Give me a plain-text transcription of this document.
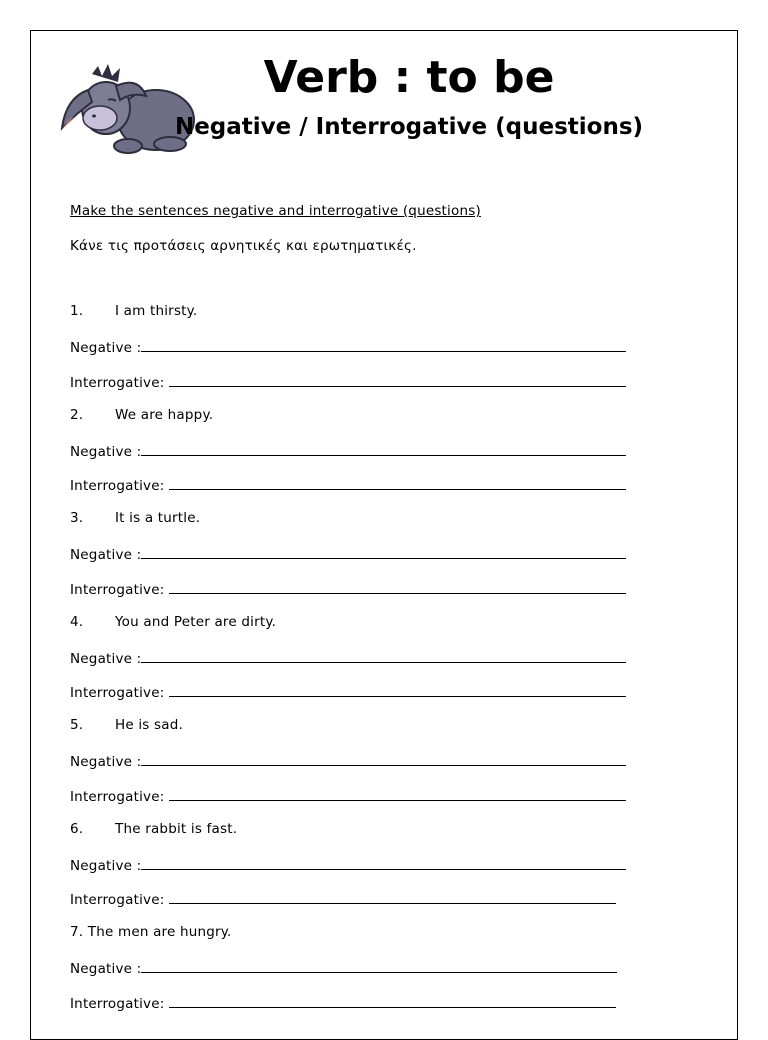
Verb : to be
Negative / Interrogative (questions)
Make the sentences negative and interrogative (questions)
Κάνε τις προτάσεις αρνητικές και ερωτηματικές.
1. I am thirsty.
Negative :
Interrogative:
2. We are happy.
Negative :
Interrogative:
3. It is a turtle.
Negative :
Interrogative:
4. You and Peter are dirty.
Negative :
Interrogative:
5. He is sad.
Negative :
Interrogative:
6. The rabbit is fast.
Negative :
Interrogative:
7. The men are hungry.
Negative :
Interrogative:
